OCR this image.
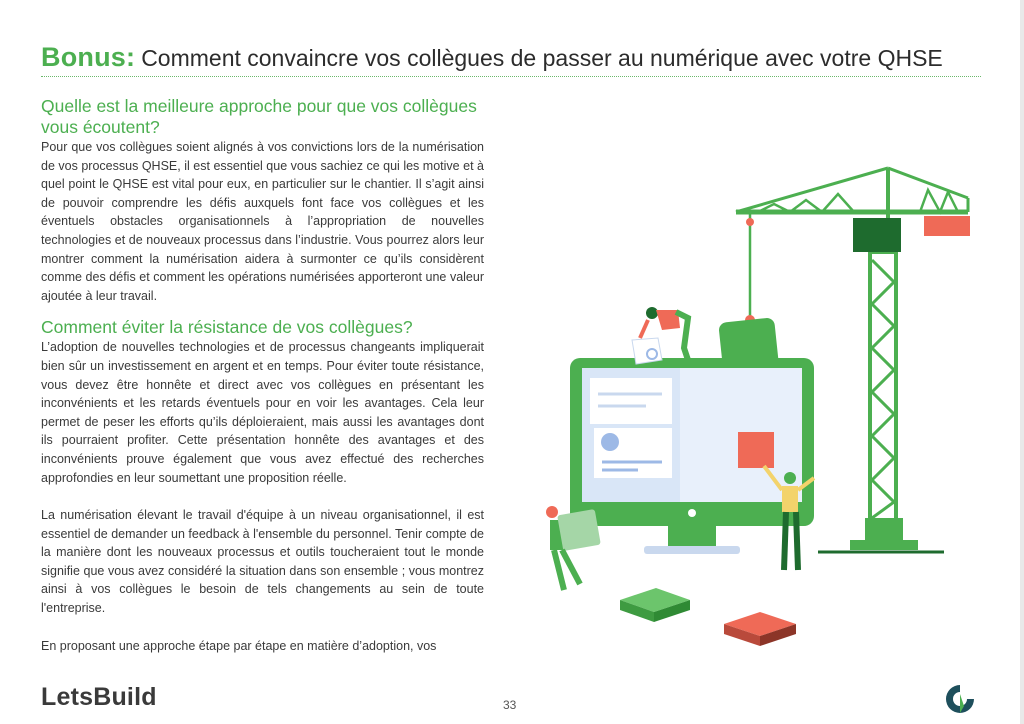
Bonus: Comment convaincre vos collègues de passer au numérique avec votre QHSE
Quelle est la meilleure approche pour que vos collègues vous écoutent?

Pour que vos collègues soient alignés à vos convictions lors de la numérisation de vos processus QHSE, il est essentiel que vous sachiez ce qui les motive et à quel point le QHSE est vital pour eux, en particulier sur le chantier. Il s’agit ainsi de pouvoir comprendre les défis auxquels font face vos collègues et les éventuels obstacles organisationnels à l’appropriation de nouvelles technologies et de nouveaux processus dans l’industrie. Vous pourrez alors leur montrer comment la numérisation aidera à surmonter ce qu’ils considèrent comme des défis et comment les opérations numérisées apporteront une valeur ajoutée à leur travail.

Comment éviter la résistance de vos collègues?

L’adoption de nouvelles technologies et de processus changeants impliquerait bien sûr un investissement en argent et en temps. Pour éviter toute résistance, vous devez être honnête et direct avec vos collègues en présentant les inconvénients et les retards éventuels pour en voir les avantages. Cela leur permet de peser les efforts qu’ils déploieraient, mais aussi les avantages dont ils pourraient profiter. Cette présentation honnête des avantages et des inconvénients prouve également que vous avez effectué des recherches approfondies en leur soumettant une proposition réelle.

La numérisation élevant le travail d'équipe à un niveau organisationnel, il est essentiel de demander un feedback à l'ensemble du personnel. Tenir compte de la manière dont les nouveaux processus et outils toucheraient tout le monde signifie que vous avez considéré la situation dans son ensemble ; vous montrez ainsi à vos collègues le besoin de tels changements au sein de toute l'entreprise.

En proposant une approche étape par étape en matière d’adoption, vos

LetsBuild	33
